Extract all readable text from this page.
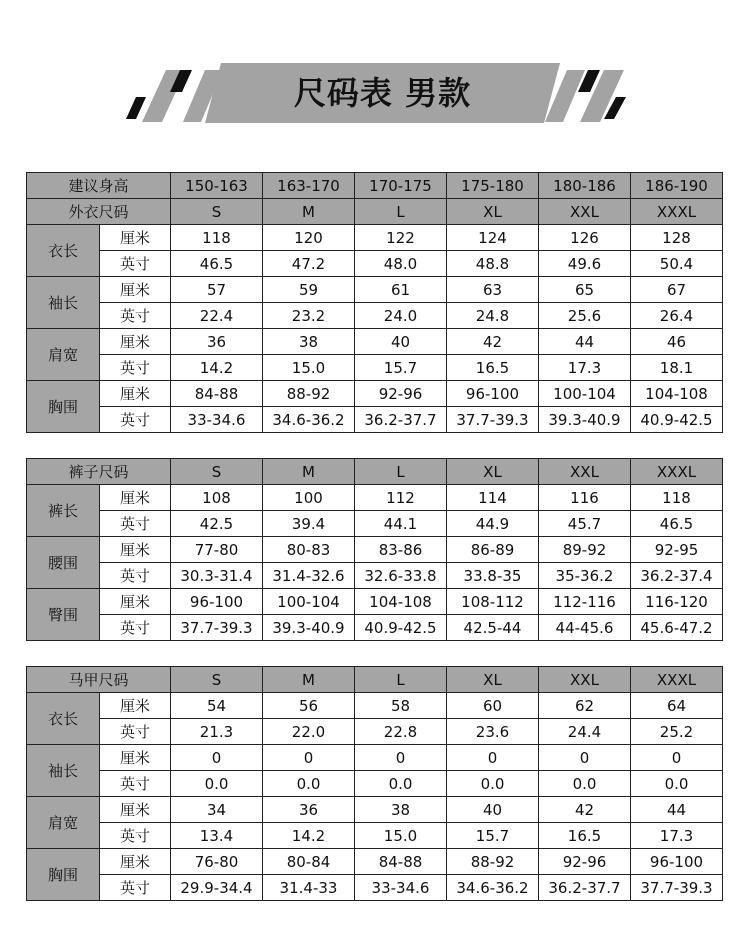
尺码表 男款
建议身高		150-163	163-170	170-175	175-180	180-186	186-190
外衣尺码		S	M	L	XL	XXL	XXXL
衣长	厘米	118	120	122	124	126	128
	英寸	46.5	47.2	48.0	48.8	49.6	50.4
袖长	厘米	57	59	61	63	65	67
	英寸	22.4	23.2	24.0	24.8	25.6	26.4
肩宽	厘米	36	38	40	42	44	46
	英寸	14.2	15.0	15.7	16.5	17.3	18.1
胸围	厘米	84-88	88-92	92-96	96-100	100-104	104-108
	英寸	33-34.6	34.6-36.2	36.2-37.7	37.7-39.3	39.3-40.9	40.9-42.5
裤子尺码		S	M	L	XL	XXL	XXXL
裤长	厘米	108	100	112	114	116	118
	英寸	42.5	39.4	44.1	44.9	45.7	46.5
腰围	厘米	77-80	80-83	83-86	86-89	89-92	92-95
	英寸	30.3-31.4	31.4-32.6	32.6-33.8	33.8-35	35-36.2	36.2-37.4
臀围	厘米	96-100	100-104	104-108	108-112	112-116	116-120
	英寸	37.7-39.3	39.3-40.9	40.9-42.5	42.5-44	44-45.6	45.6-47.2
马甲尺码		S	M	L	XL	XXL	XXXL
衣长	厘米	54	56	58	60	62	64
	英寸	21.3	22.0	22.8	23.6	24.4	25.2
袖长	厘米	0	0	0	0	0	0
	英寸	0.0	0.0	0.0	0.0	0.0	0.0
肩宽	厘米	34	36	38	40	42	44
	英寸	13.4	14.2	15.0	15.7	16.5	17.3
胸围	厘米	76-80	80-84	84-88	88-92	92-96	96-100
	英寸	29.9-34.4	31.4-33	33-34.6	34.6-36.2	36.2-37.7	37.7-39.3
